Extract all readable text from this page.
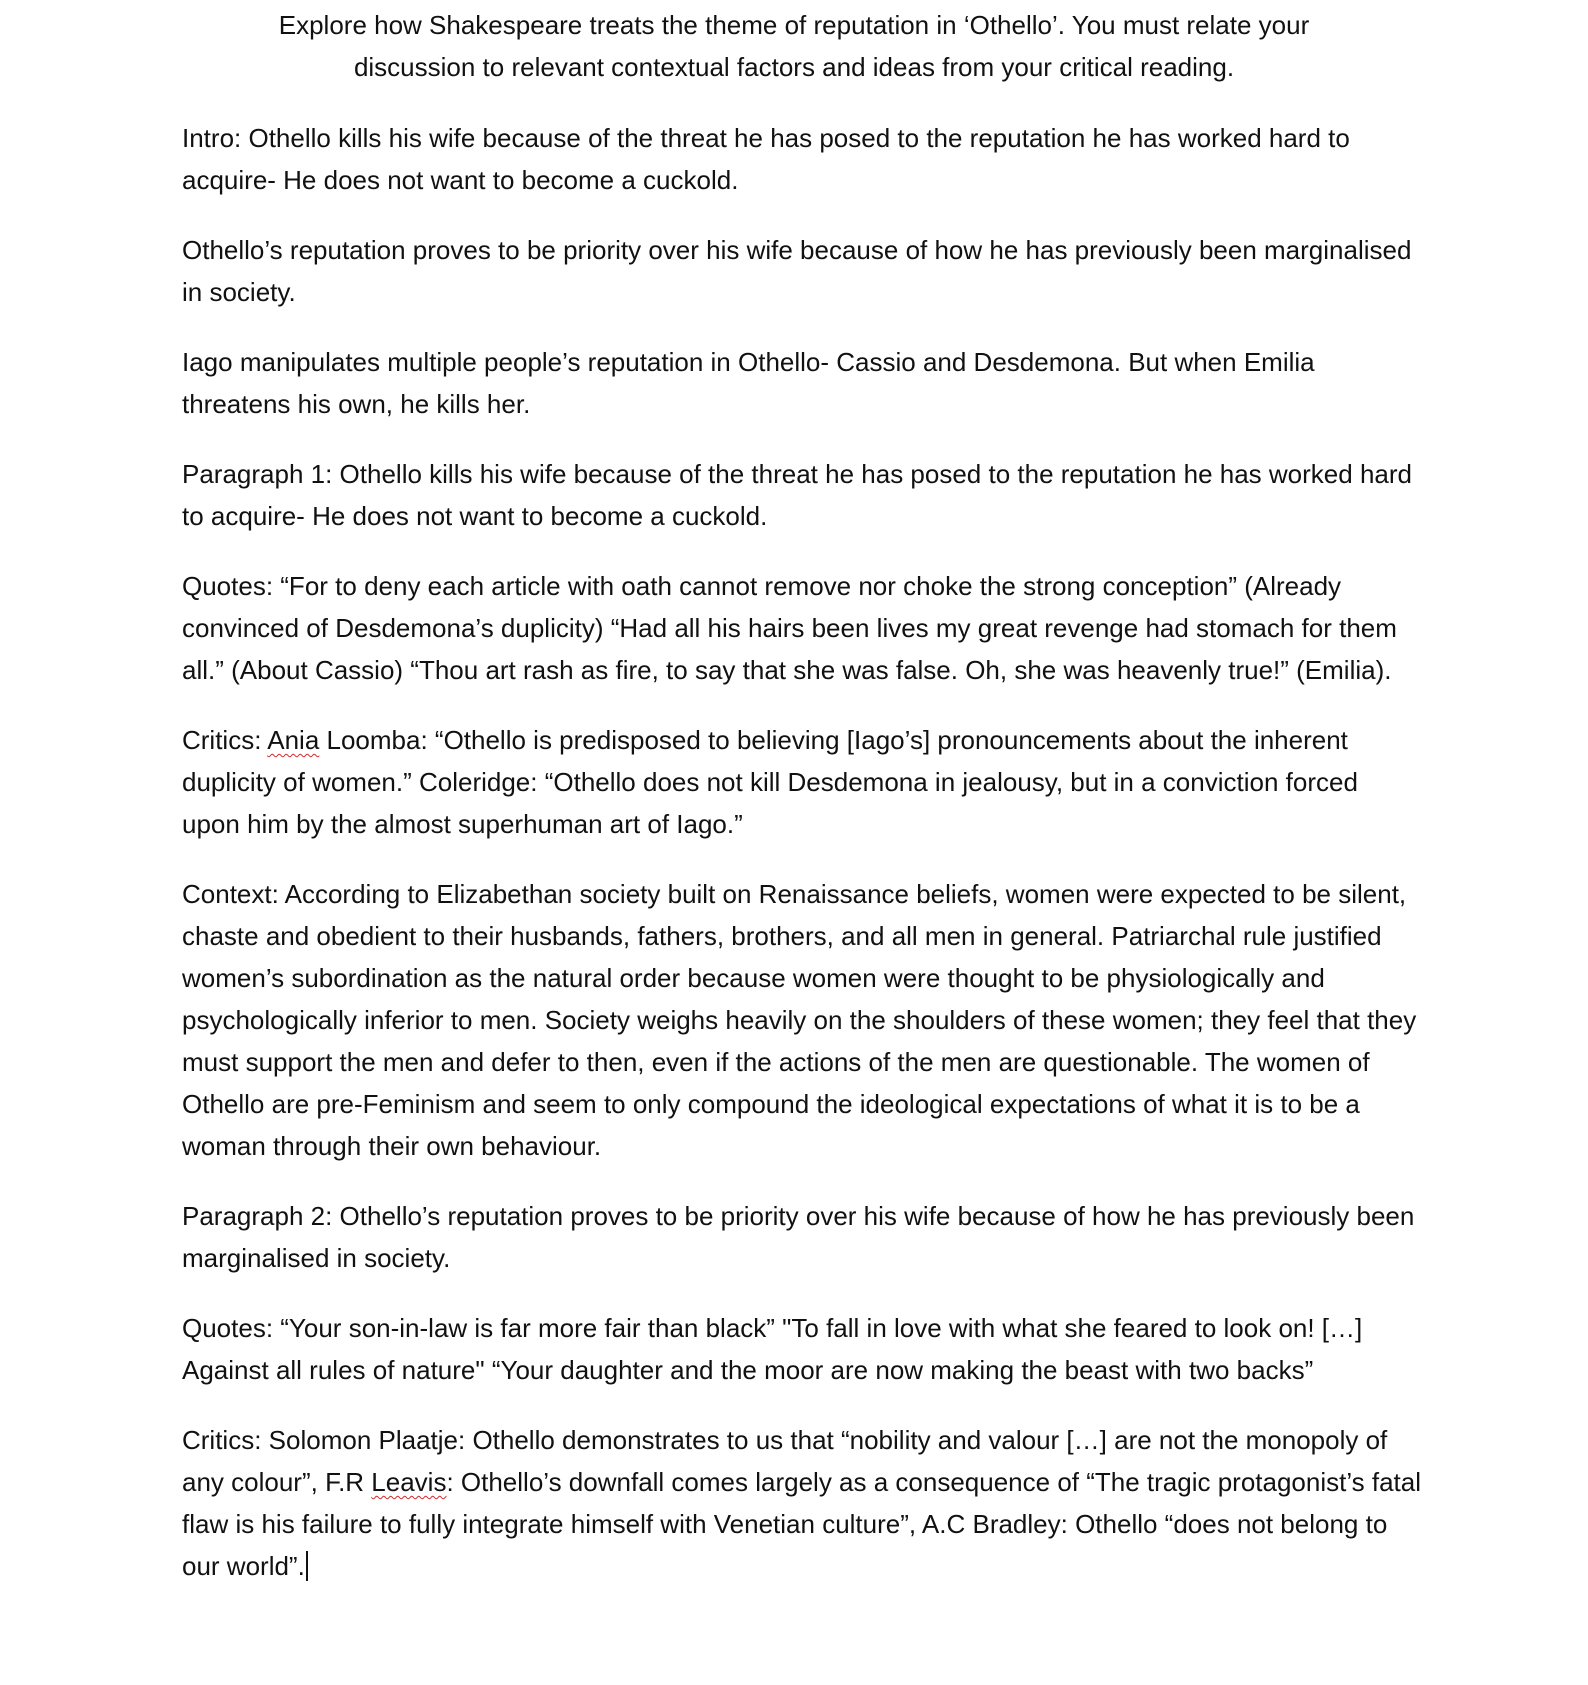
Explore how Shakespeare treats the theme of reputation in ‘Othello’. You must relate your
discussion to relevant contextual factors and ideas from your critical reading.

Intro: Othello kills his wife because of the threat he has posed to the reputation he has worked hard to acquire- He does not want to become a cuckold.

Othello’s reputation proves to be priority over his wife because of how he has previously been marginalised in society.

Iago manipulates multiple people’s reputation in Othello- Cassio and Desdemona. But when Emilia threatens his own, he kills her.

Paragraph 1: Othello kills his wife because of the threat he has posed to the reputation he has worked hard to acquire- He does not want to become a cuckold.

Quotes: “For to deny each article with oath cannot remove nor choke the strong conception” (Already convinced of Desdemona’s duplicity) “Had all his hairs been lives my great revenge had stomach for them all.” (About Cassio) “Thou art rash as fire, to say that she was false. Oh, she was heavenly true!” (Emilia).

Critics: Ania Loomba: “Othello is predisposed to believing [Iago’s] pronouncements about the inherent duplicity of women.” Coleridge: “Othello does not kill Desdemona in jealousy, but in a conviction forced upon him by the almost superhuman art of Iago.”

Context: According to Elizabethan society built on Renaissance beliefs, women were expected to be silent, chaste and obedient to their husbands, fathers, brothers, and all men in general. Patriarchal rule justified women’s subordination as the natural order because women were thought to be physiologically and psychologically inferior to men. Society weighs heavily on the shoulders of these women; they feel that they must support the men and defer to then, even if the actions of the men are questionable. The women of Othello are pre-Feminism and seem to only compound the ideological expectations of what it is to be a woman through their own behaviour.

Paragraph 2: Othello’s reputation proves to be priority over his wife because of how he has previously been marginalised in society.

Quotes: “Your son-in-law is far more fair than black” "To fall in love with what she feared to look on! […] Against all rules of nature" “Your daughter and the moor are now making the beast with two backs”

Critics: Solomon Plaatje: Othello demonstrates to us that “nobility and valour […] are not the monopoly of any colour”, F.R Leavis: Othello’s downfall comes largely as a consequence of “The tragic protagonist’s fatal flaw is his failure to fully integrate himself with Venetian culture”, A.C Bradley: Othello “does not belong to our world”.
